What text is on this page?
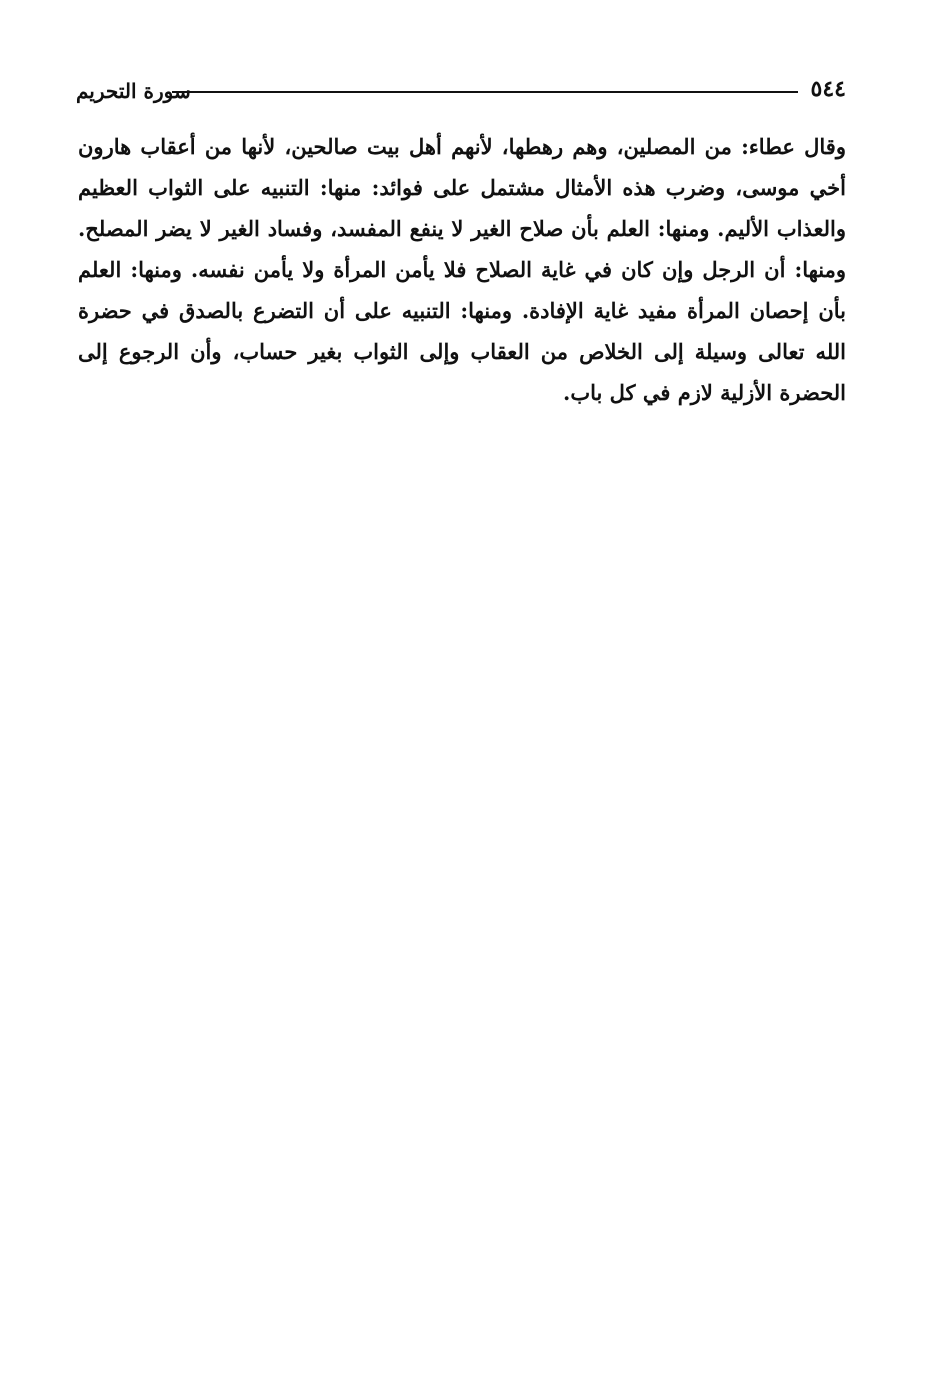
٥٤٤
سورة التحريم

وقال عطاء: من المصلين، وهم رهطها، لأنهم أهل بيت صالحين، لأنها من أعقاب هارون أخي موسى، وضرب هذه الأمثال مشتمل على فوائد: منها: التنبيه على الثواب العظيم والعذاب الأليم. ومنها: العلم بأن صلاح الغير لا ينفع المفسد، وفساد الغير لا يضر المصلح. ومنها: أن الرجل وإن كان في غاية الصلاح فلا يأمن المرأة ولا يأمن نفسه. ومنها: العلم بأن إحصان المرأة مفيد غاية الإفادة. ومنها: التنبيه على أن التضرع بالصدق في حضرة الله تعالى وسيلة إلى الخلاص من العقاب وإلى الثواب بغير حساب، وأن الرجوع إلى الحضرة الأزلية لازم في كل باب.
